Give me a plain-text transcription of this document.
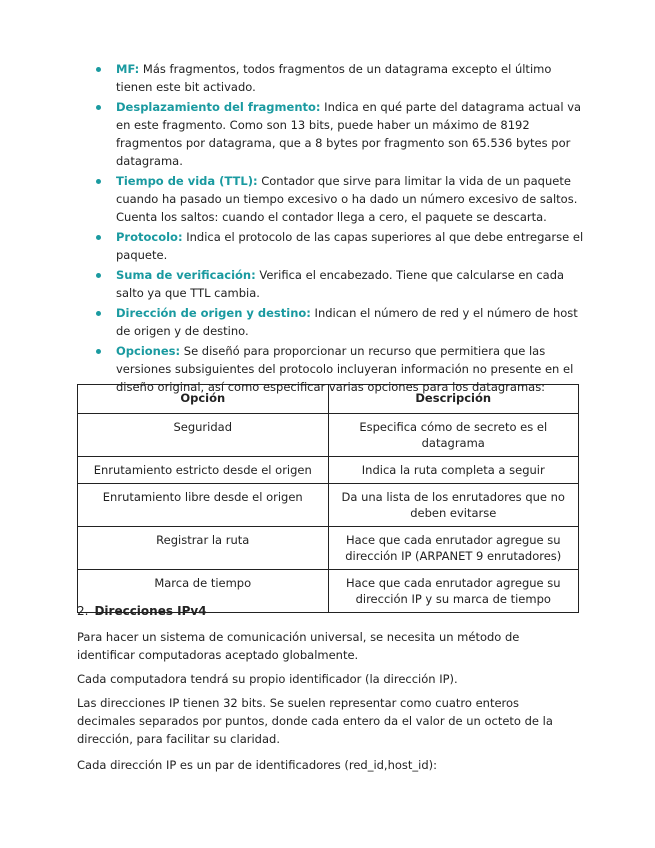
MF: Más fragmentos, todos fragmentos de un datagrama excepto el último tienen este bit activado.
Desplazamiento del fragmento: Indica en qué parte del datagrama actual va en este fragmento. Como son 13 bits, puede haber un máximo de 8192 fragmentos por datagrama, que a 8 bytes por fragmento son 65.536 bytes por datagrama.
Tiempo de vida (TTL): Contador que sirve para limitar la vida de un paquete cuando ha pasado un tiempo excesivo o ha dado un número excesivo de saltos. Cuenta los saltos: cuando el contador llega a cero, el paquete se descarta.
Protocolo: Indica el protocolo de las capas superiores al que debe entregarse el paquete.
Suma de verificación: Verifica el encabezado. Tiene que calcularse en cada salto ya que TTL cambia.
Dirección de origen y destino: Indican el número de red y el número de host de origen y de destino.
Opciones: Se diseñó para proporcionar un recurso que permitiera que las versiones subsiguientes del protocolo incluyeran información no presente en el diseño original, así como especificar varias opciones para los datagramas:
Opción	Descripción
Seguridad	Especifica cómo de secreto es el datagrama
Enrutamiento estricto desde el origen	Indica la ruta completa a seguir
Enrutamiento libre desde el origen	Da una lista de los enrutadores que no deben evitarse
Registrar la ruta	Hace que cada enrutador agregue su dirección IP (ARPANET 9 enrutadores)
Marca de tiempo	Hace que cada enrutador agregue su dirección IP y su marca de tiempo
2. Direcciones IPv4

Para hacer un sistema de comunicación universal, se necesita un método de identificar computadoras aceptado globalmente.

Cada computadora tendrá su propio identificador (la dirección IP).

Las direcciones IP tienen 32 bits. Se suelen representar como cuatro enteros decimales separados por puntos, donde cada entero da el valor de un octeto de la dirección, para facilitar su claridad.

Cada dirección IP es un par de identificadores (red_id,host_id):
